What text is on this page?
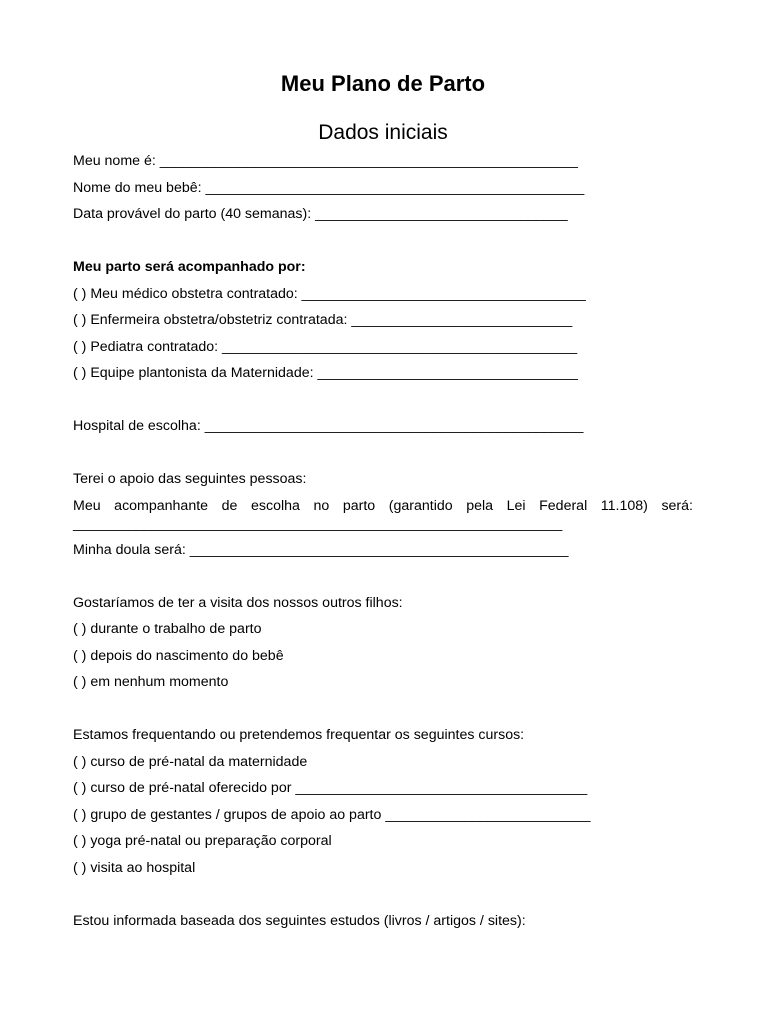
Meu Plano de Parto
Dados iniciais
Meu nome é: _____________________________________________________
Nome do meu bebê: ________________________________________________
Data provável do parto (40 semanas): ________________________________
Meu parto será acompanhado por:
( ) Meu médico obstetra contratado: ____________________________________
( ) Enfermeira obstetra/obstetriz contratada: ____________________________
( ) Pediatra contratado: _____________________________________________
( ) Equipe plantonista da Maternidade: _________________________________
Hospital de escolha: ________________________________________________
Terei o apoio das seguintes pessoas:
Meu acompanhante de escolha no parto (garantido pela Lei Federal 11.108) será:
______________________________________________________________
Minha doula será: ________________________________________________
Gostaríamos de ter a visita dos nossos outros filhos:
( ) durante o trabalho de parto
( ) depois do nascimento do bebê
( ) em nenhum momento
Estamos frequentando ou pretendemos frequentar os seguintes cursos:
( ) curso de pré-natal da maternidade
( ) curso de pré-natal oferecido por _____________________________________
( ) grupo de gestantes / grupos de apoio ao parto __________________________
( ) yoga pré-natal ou preparação corporal
( ) visita ao hospital
Estou informada baseada dos seguintes estudos (livros / artigos / sites):
